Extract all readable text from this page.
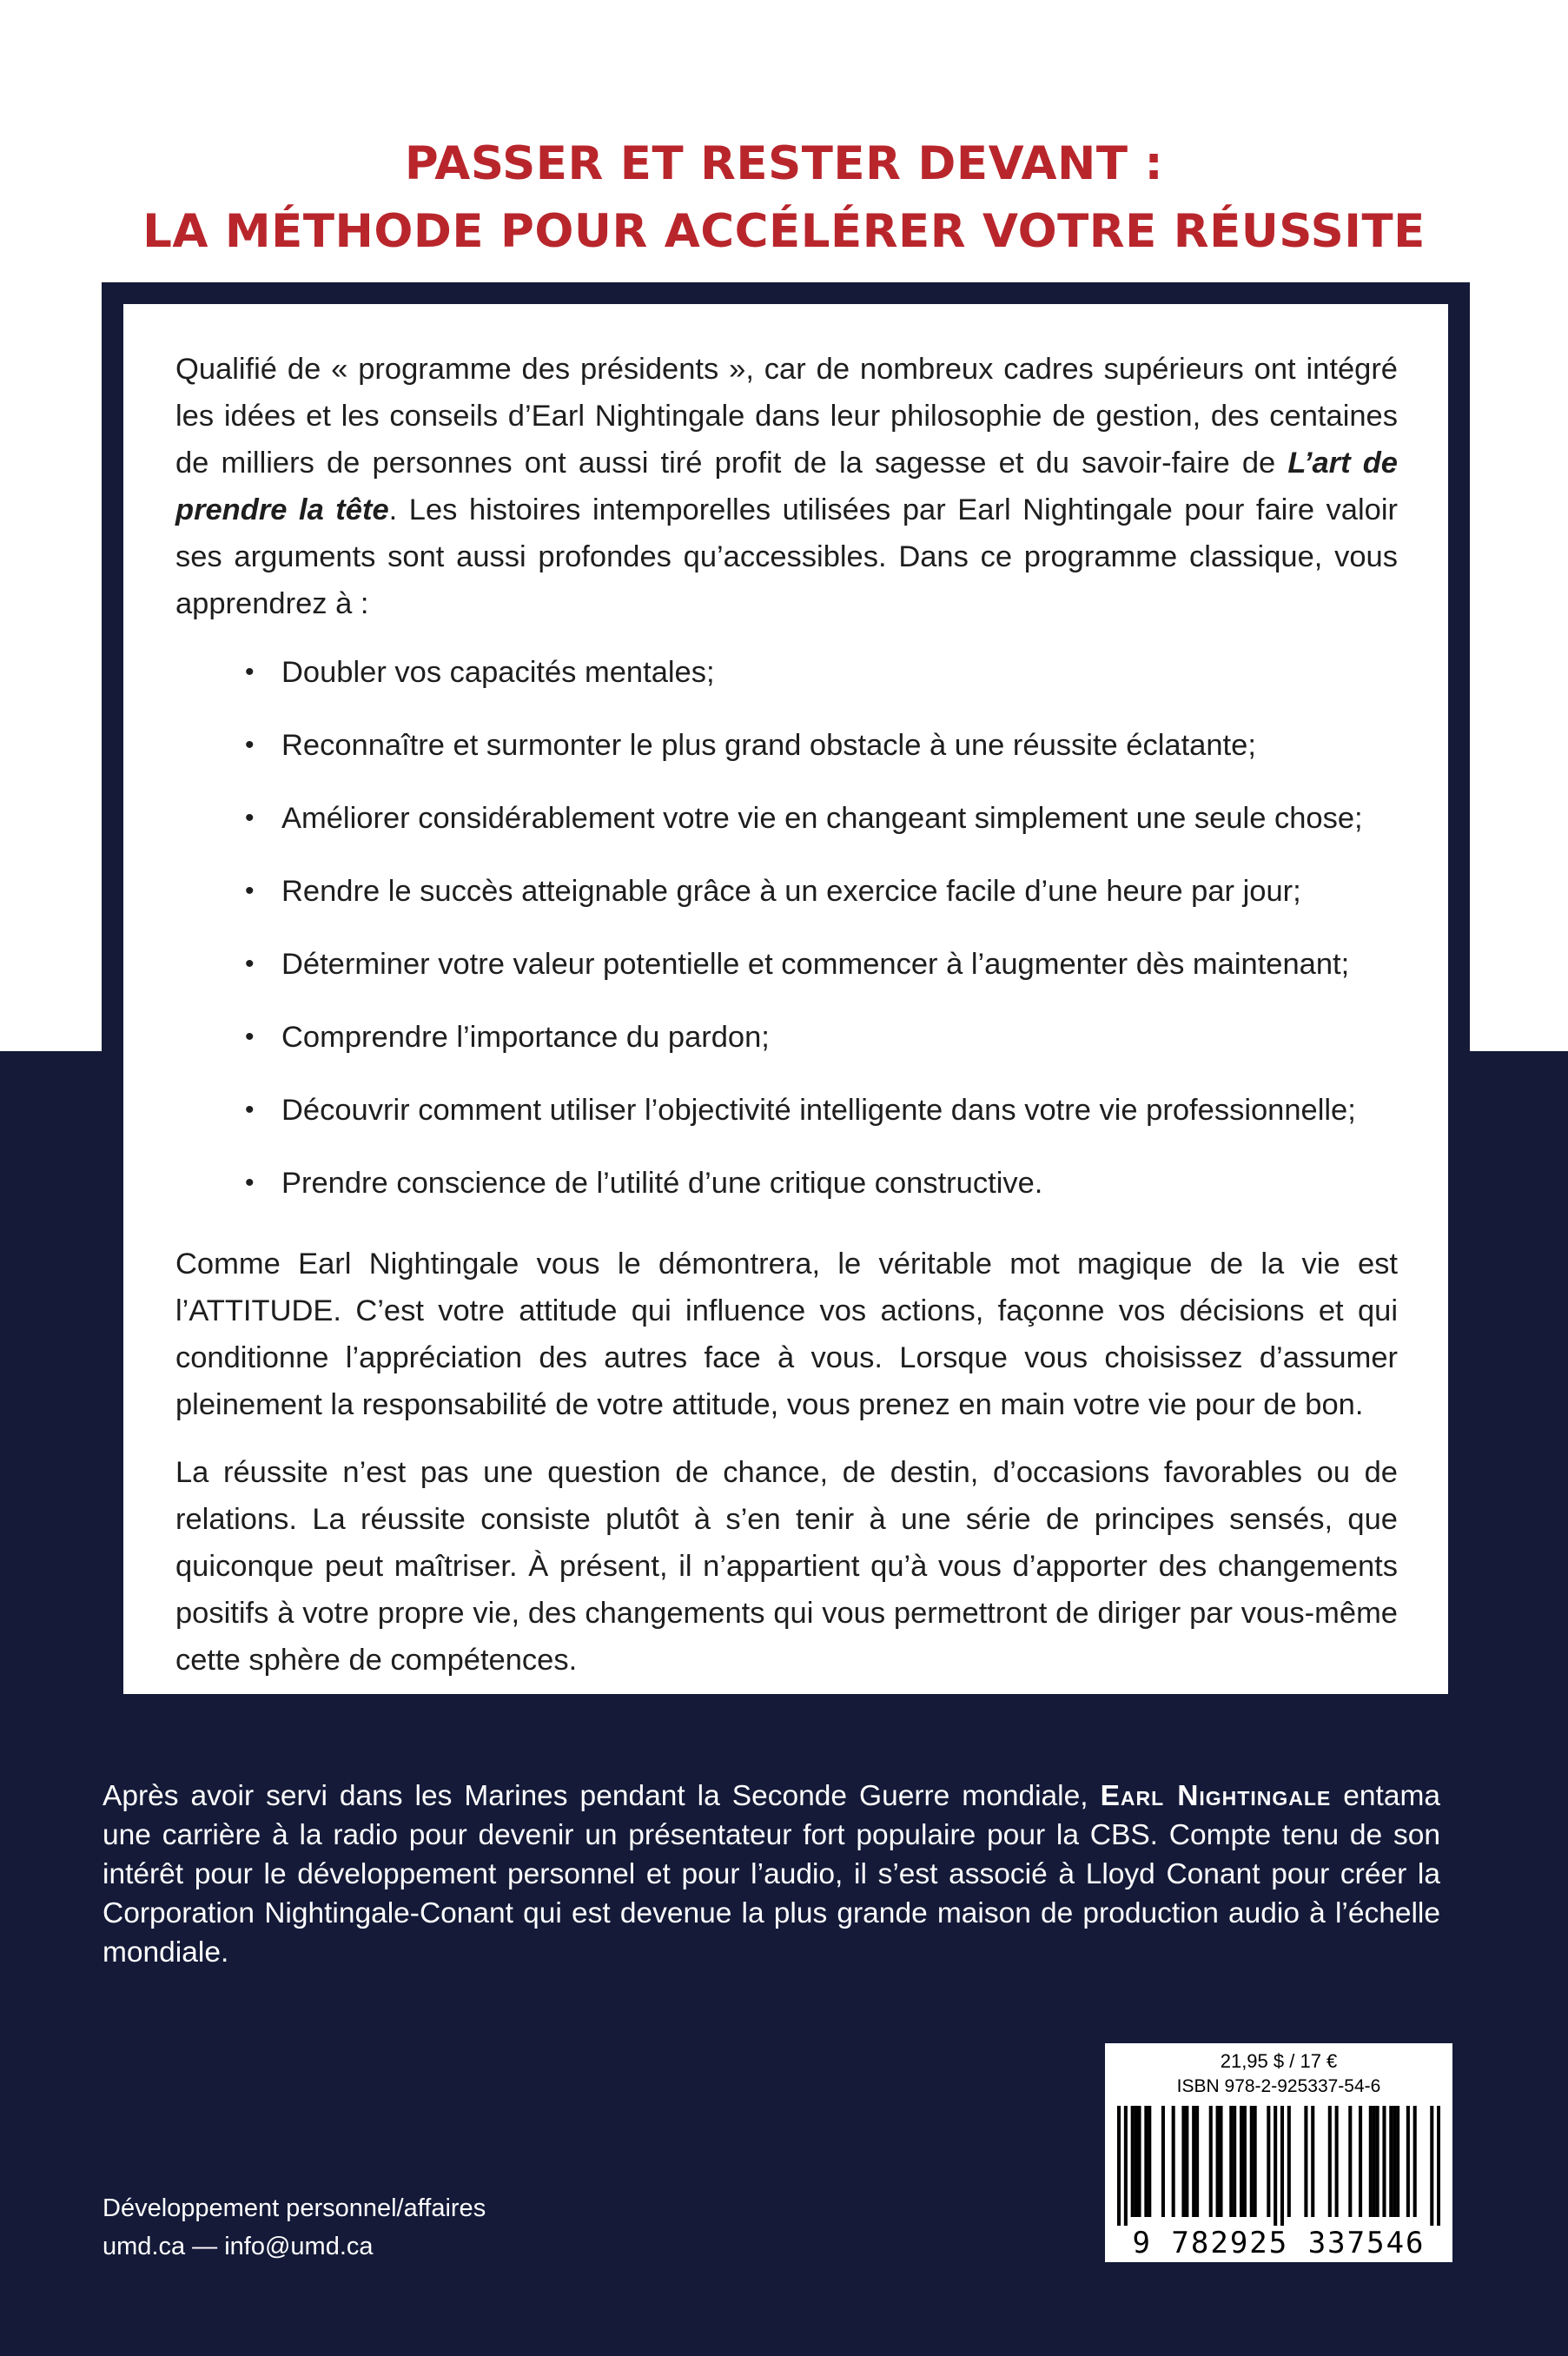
PASSER ET RESTER DEVANT :
LA MÉTHODE POUR ACCÉLÉRER VOTRE RÉUSSITE

Qualifié de « programme des présidents », car de nombreux cadres supérieurs ont intégré les idées et les conseils d’Earl Nightingale dans leur philosophie de gestion, des centaines de milliers de personnes ont aussi tiré profit de la sagesse et du savoir-faire de L’art de prendre la tête. Les histoires intemporelles utilisées par Earl Nightingale pour faire valoir ses arguments sont aussi profondes qu’accessibles. Dans ce programme classique, vous apprendrez à :

• Doubler vos capacités mentales;
• Reconnaître et surmonter le plus grand obstacle à une réussite éclatante;
• Améliorer considérablement votre vie en changeant simplement une seule chose;
• Rendre le succès atteignable grâce à un exercice facile d’une heure par jour;
• Déterminer votre valeur potentielle et commencer à l’augmenter dès maintenant;
• Comprendre l’importance du pardon;
• Découvrir comment utiliser l’objectivité intelligente dans votre vie professionnelle;
• Prendre conscience de l’utilité d’une critique constructive.

Comme Earl Nightingale vous le démontrera, le véritable mot magique de la vie est l’ATTITUDE. C’est votre attitude qui influence vos actions, façonne vos décisions et qui conditionne l’appréciation des autres face à vous. Lorsque vous choisissez d’assumer pleinement la responsabilité de votre attitude, vous prenez en main votre vie pour de bon.

La réussite n’est pas une question de chance, de destin, d’occasions favorables ou de relations. La réussite consiste plutôt à s’en tenir à une série de principes sensés, que quiconque peut maîtriser. À présent, il n’appartient qu’à vous d’apporter des changements positifs à votre propre vie, des changements qui vous permettront de diriger par vous-même cette sphère de compétences.

Après avoir servi dans les Marines pendant la Seconde Guerre mondiale, Earl Nightingale entama une carrière à la radio pour devenir un présentateur fort populaire pour la CBS. Compte tenu de son intérêt pour le développement personnel et pour l’audio, il s’est associé à Lloyd Conant pour créer la Corporation Nightingale-Conant qui est devenue la plus grande maison de production audio à l’échelle mondiale.
Développement personnel/affaires
umd.ca — info@umd.ca
21,95 $ / 17 €
ISBN 978-2-925337-54-6
9 782925 337546
